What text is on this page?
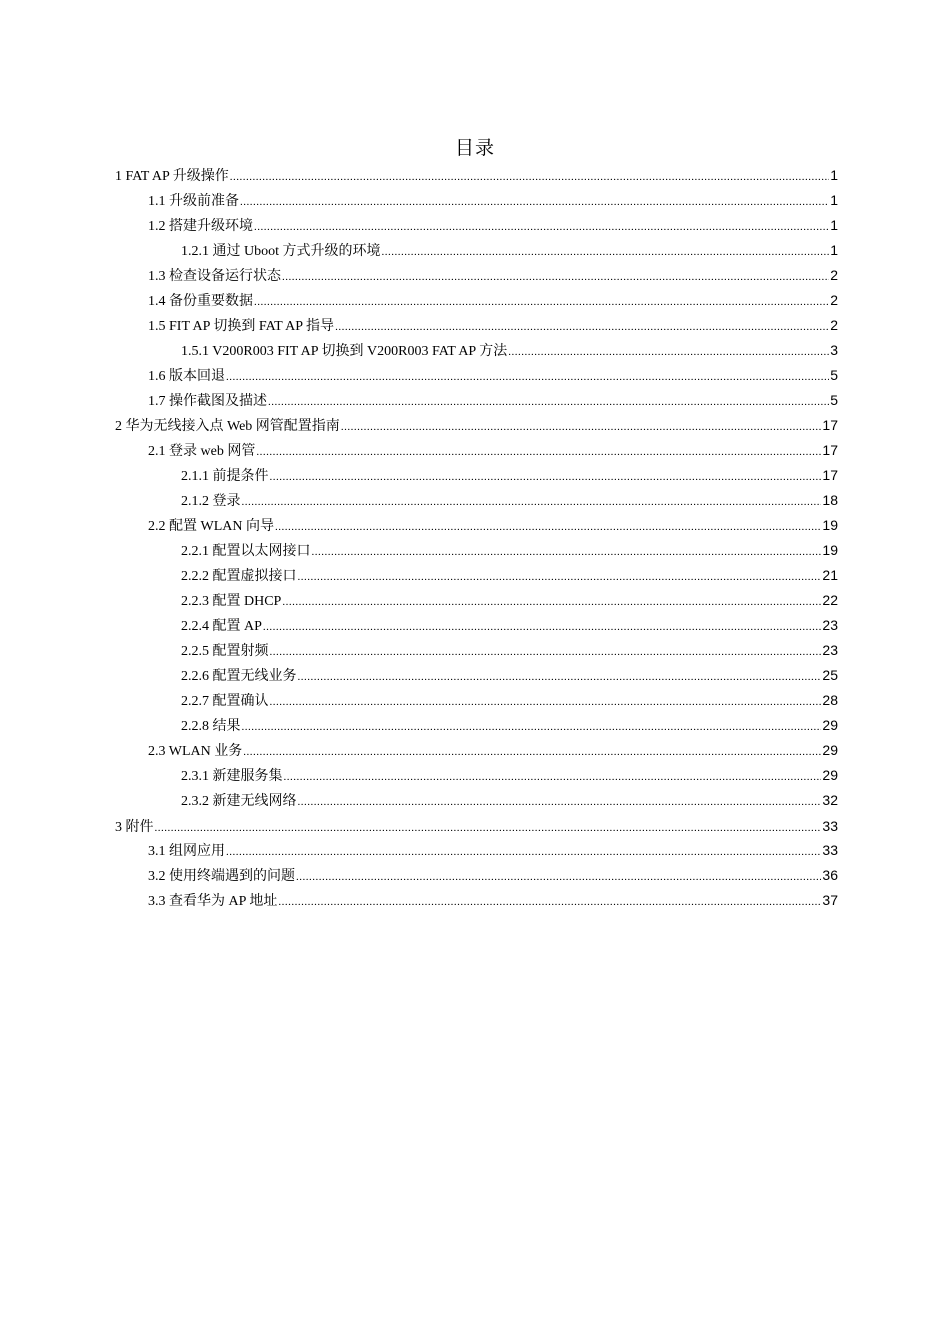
目录
1 FAT AP 升级操作 .....	1
1.1 升级前准备 .....	1
1.2 搭建升级环境 .....	1
1.2.1 通过 Uboot 方式升级的环境 .....	1
1.3 检查设备运行状态 .....	2
1.4 备份重要数据 .....	2
1.5 FIT AP 切换到 FAT AP 指导 .....	2
1.5.1 V200R003 FIT AP 切换到 V200R003 FAT AP 方法 .....	3
1.6 版本回退 .....	5
1.7 操作截图及描述 .....	5
2 华为无线接入点 Web 网管配置指南 .....	17
2.1 登录 web 网管 .....	17
2.1.1 前提条件 .....	17
2.1.2 登录 .....	18
2.2 配置 WLAN 向导 .....	19
2.2.1 配置以太网接口 .....	19
2.2.2 配置虚拟接口 .....	21
2.2.3 配置 DHCP .....	22
2.2.4 配置 AP .....	23
2.2.5 配置射频 .....	23
2.2.6 配置无线业务 .....	25
2.2.7 配置确认 .....	28
2.2.8 结果 .....	29
2.3 WLAN 业务 .....	29
2.3.1 新建服务集 .....	29
2.3.2 新建无线网络 .....	32
3 附件 .....	33
3.1 组网应用 .....	33
3.2 使用终端遇到的问题 .....	36
3.3 查看华为 AP 地址 .....	37
